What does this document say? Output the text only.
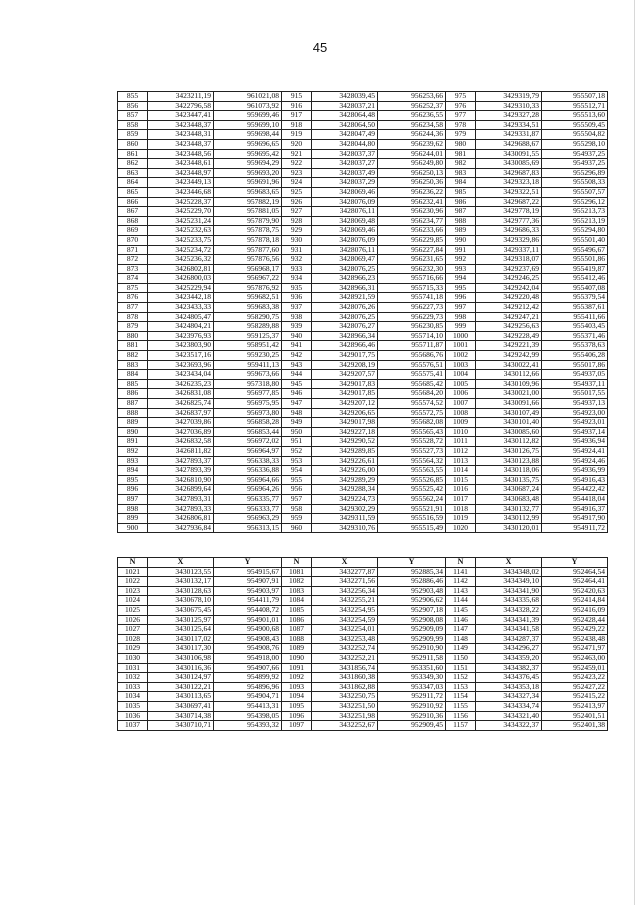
45
855	3423211,19	961021,08	915	3428039,45	956253,66	975	3429319,79	955507,18
856	3422796,58	961073,92	916	3428037,21	956252,37	976	3429310,33	955512,71
857	3423447,41	959699,46	917	3428064,48	956236,55	977	3429327,28	955513,60
858	3423448,37	959699,10	918	3428064,50	956234,58	978	3429334,51	955509,45
859	3423448,31	959698,44	919	3428047,49	956244,36	979	3429331,87	955504,82
860	3423448,37	959696,65	920	3428044,80	956239,62	980	3429688,67	955298,10
861	3423448,56	959695,42	921	3428037,37	956244,01	981	3430091,55	954937,25
862	3423448,61	959694,29	922	3428037,27	956249,80	982	3430085,69	954937,25
863	3423448,97	959693,20	923	3428037,49	956250,13	983	3429687,83	955296,89
864	3423449,13	959691,96	924	3428037,29	956250,36	984	3429323,18	955508,33
865	3423446,68	959683,65	925	3428069,46	956236,22	985	3429322,51	955507,57
866	3425228,37	957882,19	926	3428076,09	956232,41	986	3429687,22	955296,12
867	3425229,70	957881,05	927	3428076,11	956230,96	987	3429778,19	955213,73
868	3425231,24	957879,90	928	3428069,48	956234,77	988	3429777,36	955213,19
869	3425232,63	957878,75	929	3428069,46	956233,66	989	3429686,33	955294,80
870	3425233,75	957878,18	930	3428076,09	956229,85	990	3429329,86	955501,40
871	3425234,72	957877,60	931	3428076,11	956227,84	991	3429337,11	955496,67
872	3425236,32	957876,56	932	3428069,47	956231,65	992	3429318,07	955501,86
873	3426802,81	956968,17	933	3428076,25	956232,30	993	3429237,69	955419,87
874	3426800,03	956967,22	934	3428966,23	955716,66	994	3429246,25	955412,46
875	3425229,94	957876,92	935	3428966,31	955715,33	995	3429242,04	955407,08
876	3423442,18	959682,51	936	3428921,59	955741,18	996	3429220,48	955379,54
877	3423433,33	959683,38	937	3428076,26	956227,73	997	3429212,42	955387,61
878	3424805,47	958290,75	938	3428076,25	956229,73	998	3429247,21	955411,66
879	3424804,21	958289,88	939	3428076,27	956230,85	999	3429256,63	955403,45
880	3423976,93	959125,37	940	3428966,34	955714,10	1000	3429228,49	955371,46
881	3423803,90	958951,42	941	3428966,46	955711,87	1001	3429221,39	955378,63
882	3423517,16	959230,25	942	3429017,75	955686,76	1002	3429242,99	955406,28
883	3423693,96	959411,13	943	3429208,19	955576,51	1003	3430022,41	955017,86
884	3423434,04	959673,66	944	3429207,57	955575,41	1004	3430112,66	954937,05
885	3426235,23	957318,80	945	3429017,83	955685,42	1005	3430109,96	954937,11
886	3426831,08	956977,85	946	3429017,85	955684,20	1006	3430021,00	955017,55
887	3426825,74	956975,95	947	3429207,12	955574,52	1007	3430091,66	954937,13
888	3426837,97	956973,80	948	3429206,65	955572,75	1008	3430107,49	954923,00
889	3427039,86	956858,28	949	3429017,98	955682,08	1009	3430101,40	954923,01
890	3427036,89	956853,44	950	3429227,18	955565,43	1010	3430085,60	954937,14
891	3426832,58	956972,02	951	3429290,52	955528,72	1011	3430112,82	954936,94
892	3426811,82	956964,97	952	3429289,85	955527,73	1012	3430126,75	954924,41
893	3427893,37	956338,33	953	3429226,61	955564,32	1013	3430123,88	954924,46
894	3427893,39	956336,88	954	3429226,00	955563,55	1014	3430118,06	954936,99
895	3426810,90	956964,66	955	3429289,29	955526,85	1015	3430135,75	954916,43
896	3426899,64	956964,26	956	3429288,34	955525,42	1016	3430687,24	954422,42
897	3427893,31	956335,77	957	3429224,73	955562,24	1017	3430683,48	954418,04
898	3427893,33	956333,77	958	3429302,29	955521,91	1018	3430132,77	954916,37
899	3426806,81	956963,29	959	3429311,59	955516,59	1019	3430112,99	954917,90
900	3427936,84	956313,15	960	3429310,76	955515,49	1020	3430120,01	954911,72
N	X	Y	N	X	Y	N	X	Y
1021	3430123,55	954915,67	1081	3432277,87	952885,34	1141	3434348,02	952464,54
1022	3430132,17	954907,91	1082	3432271,56	952886,46	1142	3434349,10	952464,41
1023	3430128,63	954903,97	1083	3432256,34	952903,48	1143	3434341,90	952420,63
1024	3430678,10	954411,79	1084	3432255,21	952906,62	1144	3434335,68	952414,84
1025	3430675,45	954408,72	1085	3432254,95	952907,18	1145	3434328,22	952416,09
1026	3430125,97	954901,01	1086	3432254,59	952908,08	1146	3434341,39	952428,44
1027	3430125,64	954900,68	1087	3432254,01	952909,09	1147	3434341,58	952429,22
1028	3430117,02	954908,43	1088	3432253,48	952909,99	1148	3434287,37	952438,48
1029	3430117,30	954908,76	1089	3432252,74	952910,90	1149	3434296,27	952471,97
1030	3430106,98	954918,00	1090	3432252,21	952911,58	1150	3434359,20	952463,00
1031	3430116,36	954907,66	1091	3431856,74	953351,60	1151	3434382,37	952459,01
1032	3430124,97	954899,92	1092	3431860,38	953349,30	1152	3434376,45	952423,22
1033	3430122,21	954896,96	1093	3431862,88	953347,03	1153	3434353,18	952427,22
1034	3430113,65	954904,71	1094	3432250,75	952911,72	1154	3434327,34	952415,22
1035	3430697,41	954413,31	1095	3432251,50	952910,92	1155	3434334,74	952413,97
1036	3430714,38	954398,05	1096	3432251,98	952910,36	1156	3434321,40	952401,51
1037	3430710,71	954393,32	1097	3432252,67	952909,45	1157	3434322,37	952401,38
